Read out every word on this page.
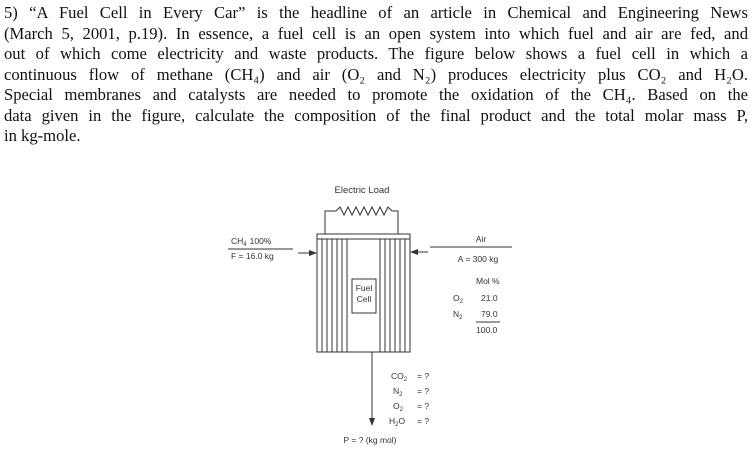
5) “A Fuel Cell in Every Car” is the headline of an article in Chemical and Engineering News
(March 5, 2001, p.19). In essence, a fuel cell is an open system into which fuel and air are fed, and
out of which come electricity and waste products. The figure below shows a fuel cell in which a
continuous flow of methane (CH₄) and air (O₂ and N₂) produces electricity plus CO₂ and H₂O.
Special membranes and catalysts are needed to promote the oxidation of the CH₄. Based on the
data given in the figure, calculate the composition of the final product and the total molar mass P,
in kg-mole.
Electric Load
Fuel
Cell
$CH_4$ 100%
F = 16.0 kg
Air
A = 300 kg
Mol %
$O_2$ 21.0
$N_2$ 79.0
100.0
$CO_2$ = ?
$N_2$ = ?
$O_2$ = ?
$H_2O$ = ?
P = ? (kg mol)
